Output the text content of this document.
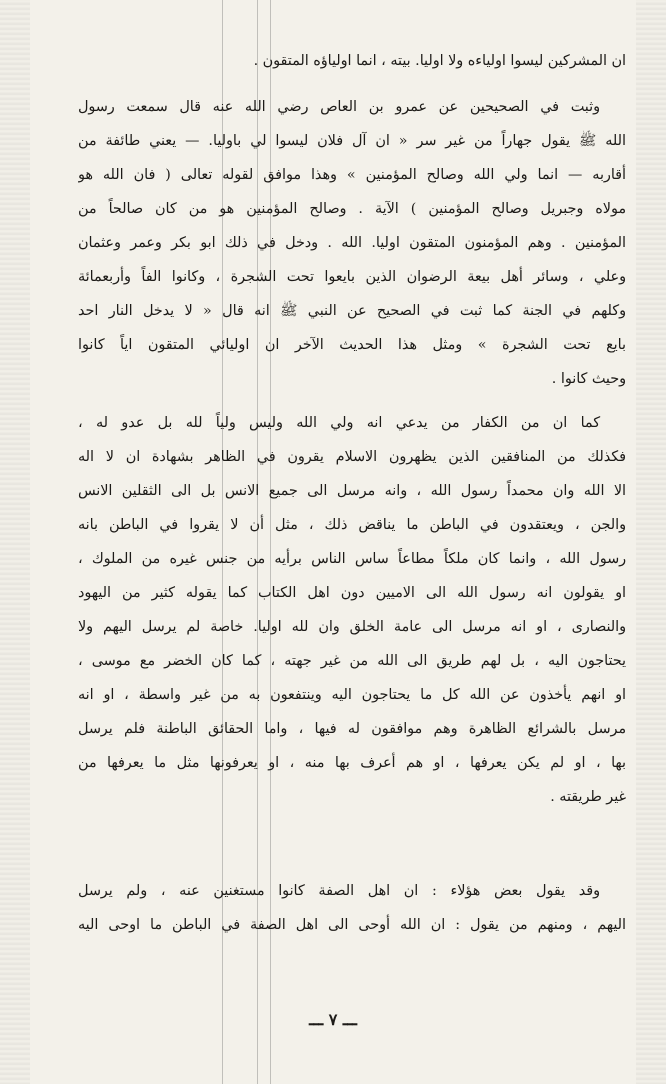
ان المشركين ليسوا اولياءه ولا اوليا. بيته ، انما اولياؤه المتقون .
وثبت في الصحيحين عن عمرو بن العاص رضي الله عنه قال سمعت رسول
الله ﷺ يقول جهاراً من غير سر « ان آل فلان ليسوا لي باوليا. — يعني طائفة من
أقاربه — انما ولي الله وصالح المؤمنين » وهذا موافق لقوله تعالى ( فان الله هو
مولاه وجبريل وصالح المؤمنين ) الآية . وصالح المؤمنين هو من كان صالحاً من
المؤمنين . وهم المؤمنون المتقون اوليا. الله . ودخل في ذلك ابو بكر وعمر وعثمان
وعلي ، وسائر أهل بيعة الرضوان الذين بايعوا تحت الشجرة ، وكانوا الفاً وأربعمائة
وكلهم في الجنة كما ثبت في الصحيح عن النبي ﷺ انه قال « لا يدخل النار احد
بايع تحت الشجرة » ومثل هذا الحديث الآخر ان اوليائي المتقون اياً كانوا
وحيث كانوا .
كما ان من الكفار من يدعي انه ولي الله وليس ولياً لله بل عدو له ،
فكذلك من المنافقين الذين يظهرون الاسلام يقرون في الظاهر بشهادة ان لا اله
الا الله وان محمداً رسول الله ، وانه مرسل الى جميع الانس بل الى الثقلين الانس
والجن ، ويعتقدون في الباطن ما يناقض ذلك ، مثل أن لا يقروا في الباطن بانه
رسول الله ، وانما كان ملكاً مطاعاً ساس الناس برأيه من جنس غيره من الملوك ،
او يقولون انه رسول الله الى الاميين دون اهل الكتاب كما يقوله كثير من اليهود
والنصارى ، او انه مرسل الى عامة الخلق وان لله اوليا. خاصة لم يرسل اليهم ولا
يحتاجون اليه ، بل لهم طريق الى الله من غير جهته ، كما كان الخضر مع موسى ،
او انهم يأخذون عن الله كل ما يحتاجون اليه وينتفعون به من غير واسطة ، او انه
مرسل بالشرائع الظاهرة وهم موافقون له فيها ، واما الحقائق الباطنة فلم يرسل
بها ، او لم يكن يعرفها ، او هم أعرف بها منه ، او يعرفونها مثل ما يعرفها من
غير طريقته .
وقد يقول بعض هؤلاء : ان اهل الصفة كانوا مستغنين عنه ، ولم يرسل
اليهم ، ومنهم من يقول : ان الله أوحى الى اهل الصفة في الباطن ما اوحى اليه
ـــ ٧ ـــ
